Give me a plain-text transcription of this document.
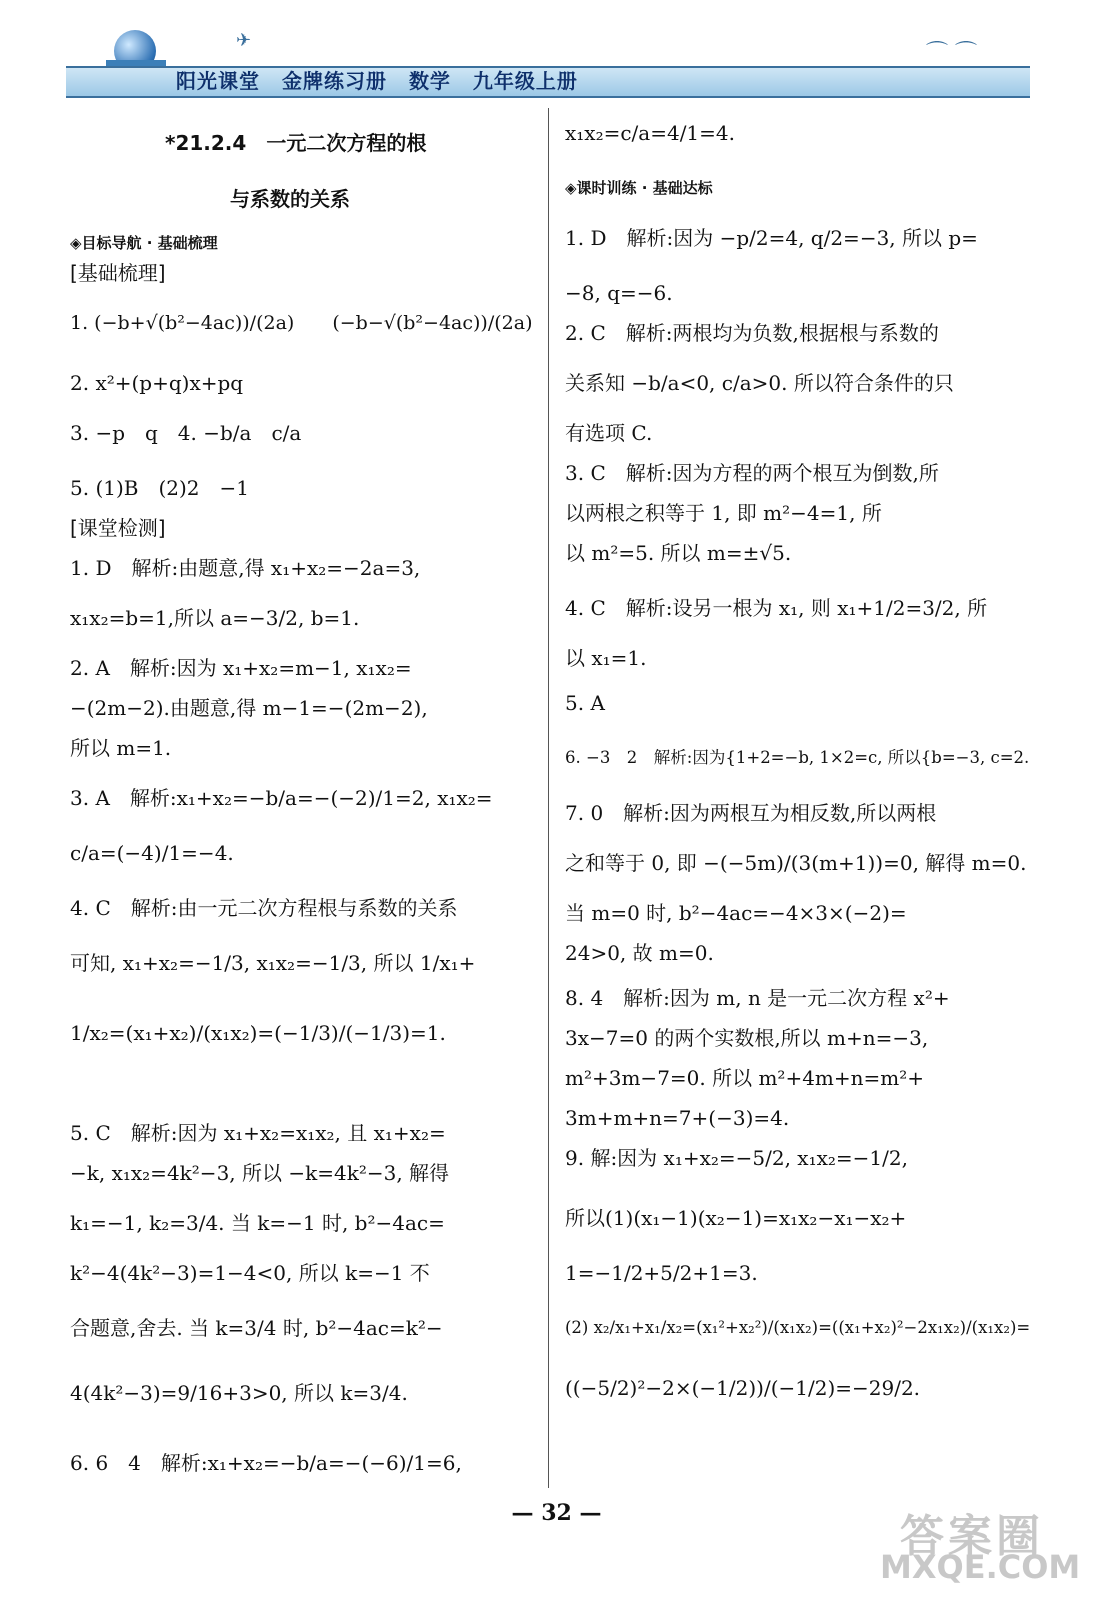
✈
阳光课堂 金牌练习册 数学 九年级上册
⌒ ⌒
*21.2.4　一元二次方程的根
与系数的关系
◈目标导航 · 基础梳理
[基础梳理]
1. (−b+√(b²−4ac))/(2a)　　(−b−√(b²−4ac))/(2a)
2. x²+(p+q)x+pq
3. −p　q　4. −b/a　c/a
5. (1)B　(2)2　−1
[课堂检测]
1. D　解析:由题意,得 x₁+x₂=−2a=3,
x₁x₂=b=1,所以 a=−3/2, b=1.
2. A　解析:因为 x₁+x₂=m−1, x₁x₂=
−(2m−2).由题意,得 m−1=−(2m−2),
所以 m=1.
3. A　解析:x₁+x₂=−b/a=−(−2)/1=2, x₁x₂=
c/a=(−4)/1=−4.
4. C　解析:由一元二次方程根与系数的关系
可知, x₁+x₂=−1/3, x₁x₂=−1/3, 所以 1/x₁+
1/x₂=(x₁+x₂)/(x₁x₂)=(−1/3)/(−1/3)=1.
5. C　解析:因为 x₁+x₂=x₁x₂, 且 x₁+x₂=
−k, x₁x₂=4k²−3, 所以 −k=4k²−3, 解得
k₁=−1, k₂=3/4. 当 k=−1 时, b²−4ac=
k²−4(4k²−3)=1−4<0, 所以 k=−1 不
合题意,舍去. 当 k=3/4 时, b²−4ac=k²−
4(4k²−3)=9/16+3>0, 所以 k=3/4.
6. 6　4　解析:x₁+x₂=−b/a=−(−6)/1=6,
x₁x₂=c/a=4/1=4.
◈课时训练 · 基础达标
1. D　解析:因为 −p/2=4, q/2=−3, 所以 p=
−8, q=−6.
2. C　解析:两根均为负数,根据根与系数的
关系知 −b/a<0, c/a>0. 所以符合条件的只
有选项 C.
3. C　解析:因为方程的两个根互为倒数,所
以两根之积等于 1, 即 m²−4=1, 所
以 m²=5. 所以 m=±√5.
4. C　解析:设另一根为 x₁, 则 x₁+1/2=3/2, 所
以 x₁=1.
5. A
6. −3　2　解析:因为{1+2=−b, 1×2=c, 所以{b=−3, c=2.
7. 0　解析:因为两根互为相反数,所以两根
之和等于 0, 即 −(−5m)/(3(m+1))=0, 解得 m=0.
当 m=0 时, b²−4ac=−4×3×(−2)=
24>0, 故 m=0.
8. 4　解析:因为 m, n 是一元二次方程 x²+
3x−7=0 的两个实数根,所以 m+n=−3,
m²+3m−7=0. 所以 m²+4m+n=m²+
3m+m+n=7+(−3)=4.
9. 解:因为 x₁+x₂=−5/2, x₁x₂=−1/2,
所以(1)(x₁−1)(x₂−1)=x₁x₂−x₁−x₂+
1=−1/2+5/2+1=3.
(2) x₂/x₁+x₁/x₂=(x₁²+x₂²)/(x₁x₂)=((x₁+x₂)²−2x₁x₂)/(x₁x₂)=
((−5/2)²−2×(−1/2))/(−1/2)=−29/2.
— 32 —	答案圈
MXQE.COM
